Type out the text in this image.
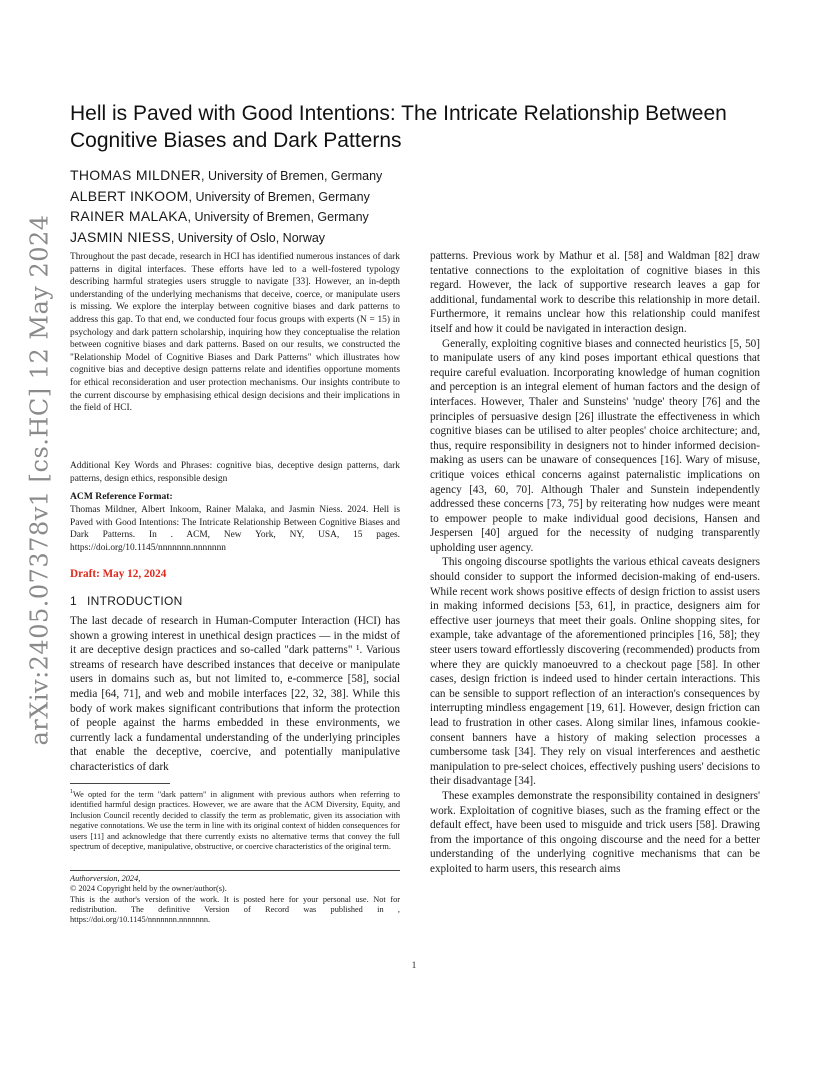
arXiv:2405.07378v1 [cs.HC] 12 May 2024
Hell is Paved with Good Intentions: The Intricate Relationship Between Cognitive Biases and Dark Patterns
THOMAS MILDNER, University of Bremen, Germany
ALBERT INKOOM, University of Bremen, Germany
RAINER MALAKA, University of Bremen, Germany
JASMIN NIESS, University of Oslo, Norway

Throughout the past decade, research in HCI has identified numerous instances of dark patterns in digital interfaces. These efforts have led to a well-fostered typology describing harmful strategies users struggle to navigate [33]. However, an in-depth understanding of the underlying mechanisms that deceive, coerce, or manipulate users is missing. We explore the interplay between cognitive biases and dark patterns to address this gap. To that end, we conducted four focus groups with experts (N = 15) in psychology and dark pattern scholarship, inquiring how they conceptualise the relation between cognitive biases and dark patterns. Based on our results, we constructed the "Relationship Model of Cognitive Biases and Dark Patterns" which illustrates how cognitive bias and deceptive design patterns relate and identifies opportune moments for ethical reconsideration and user protection mechanisms. Our insights contribute to the current discourse by emphasising ethical design decisions and their implications in the field of HCI.

Additional Key Words and Phrases: cognitive bias, deceptive design patterns, dark patterns, design ethics, responsible design

ACM Reference Format:

Thomas Mildner, Albert Inkoom, Rainer Malaka, and Jasmin Niess. 2024. Hell is Paved with Good Intentions: The Intricate Relationship Between Cognitive Biases and Dark Patterns. In . ACM, New York, NY, USA, 15 pages. https://doi.org/10.1145/nnnnnnn.nnnnnnn

Draft: May 12, 2024
1 INTRODUCTION

The last decade of research in Human-Computer Interaction (HCI) has shown a growing interest in unethical design practices — in the midst of it are deceptive design practices and so-called "dark patterns" ¹. Various streams of research have described instances that deceive or manipulate users in domains such as, but not limited to, e-commerce [58], social media [64, 71], and web and mobile interfaces [22, 32, 38]. While this body of work makes significant contributions that inform the protection of people against the harms embedded in these environments, we currently lack a fundamental understanding of the underlying principles that enable the deceptive, coercive, and potentially manipulative characteristics of dark

$^1$We opted for the term "dark pattern" in alignment with previous authors when referring to identified harmful design practices. However, we are aware that the ACM Diversity, Equity, and Inclusion Council recently decided to classify the term as problematic, given its association with negative connotations. We use the term in line with its original context of hidden consequences for users [11] and acknowledge that there currently exists no alternative terms that convey the full spectrum of deceptive, manipulative, obstructive, or coercive characteristics of the original term.

Authorversion, 2024,

© 2024 Copyright held by the owner/author(s).

This is the author's version of the work. It is posted here for your personal use. Not for redistribution. The definitive Version of Record was published in , https://doi.org/10.1145/nnnnnnn.nnnnnnn.

patterns. Previous work by Mathur et al. [58] and Waldman [82] draw tentative connections to the exploitation of cognitive biases in this regard. However, the lack of supportive research leaves a gap for additional, fundamental work to describe this relationship in more detail. Furthermore, it remains unclear how this relationship could manifest itself and how it could be navigated in interaction design.

Generally, exploiting cognitive biases and connected heuristics [5, 50] to manipulate users of any kind poses important ethical questions that require careful evaluation. Incorporating knowledge of human cognition and perception is an integral element of human factors and the design of interfaces. However, Thaler and Sunsteins' 'nudge' theory [76] and the principles of persuasive design [26] illustrate the effectiveness in which cognitive biases can be utilised to alter peoples' choice architecture; and, thus, require responsibility in designers not to hinder informed decision-making as users can be unaware of consequences [16]. Wary of misuse, critique voices ethical concerns against paternalistic implications on agency [43, 60, 70]. Although Thaler and Sunstein independently addressed these concerns [73, 75] by reiterating how nudges were meant to empower people to make individual good decisions, Hansen and Jespersen [40] argued for the necessity of nudging transparently upholding user agency.

This ongoing discourse spotlights the various ethical caveats designers should consider to support the informed decision-making of end-users. While recent work shows positive effects of design friction to assist users in making informed decisions [53, 61], in practice, designers aim for effective user journeys that meet their goals. Online shopping sites, for example, take advantage of the aforementioned principles [16, 58]; they steer users toward effortlessly discovering (recommended) products from where they are quickly manoeuvred to a checkout page [58]. In other cases, design friction is indeed used to hinder certain interactions. This can be sensible to support reflection of an interaction's consequences by interrupting mindless engagement [19, 61]. However, design friction can lead to frustration in other cases. Along similar lines, infamous cookie-consent banners have a history of making selection processes a cumbersome task [34]. They rely on visual interferences and aesthetic manipulation to pre-select choices, effectively pushing users' decisions to their disadvantage [34].

These examples demonstrate the responsibility contained in designers' work. Exploitation of cognitive biases, such as the framing effect or the default effect, have been used to misguide and trick users [58]. Drawing from the importance of this ongoing discourse and the need for a better understanding of the underlying cognitive mechanisms that can be exploited to harm users, this research aims

1
